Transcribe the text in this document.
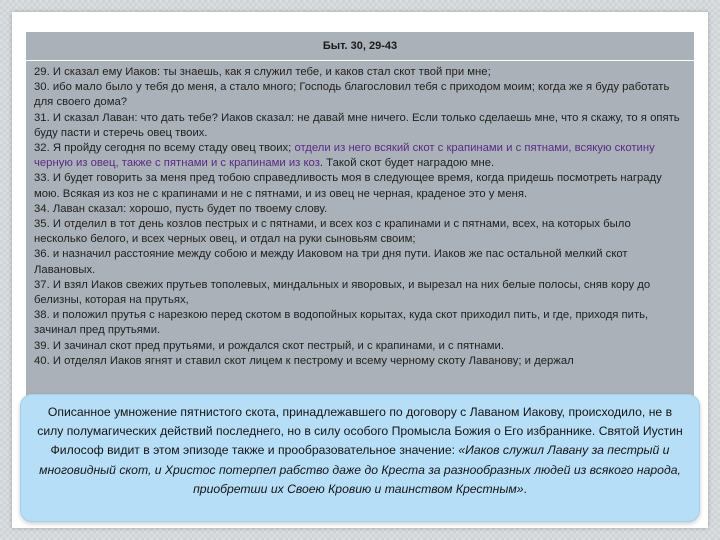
Быт. 30, 29-43

29. И сказал ему Иаков: ты знаешь, как я служил тебе, и каков стал скот твой при мне;

30. ибо мало было у тебя до меня, а стало много; Господь благословил тебя с приходом моим; когда же я буду работать для своего дома?

31. И сказал Лаван: что дать тебе? Иаков сказал: не давай мне ничего. Если только сделаешь мне, что я скажу, то я опять буду пасти и стеречь овец твоих.

32. Я пройду сегодня по всему стаду овец твоих; отдели из него всякий скот с крапинами и с пятнами, всякую скотину черную из овец, также с пятнами и с крапинами из коз. Такой скот будет наградою мне.

33. И будет говорить за меня пред тобою справедливость моя в следующее время, когда придешь посмотреть награду мою. Всякая из коз не с крапинами и не с пятнами, и из овец не черная, краденое это у меня.

34. Лаван сказал: хорошо, пусть будет по твоему слову.

35. И отделил в тот день козлов пестрых и с пятнами, и всех коз с крапинами и с пятнами, всех, на которых было несколько белого, и всех черных овец, и отдал на руки сыновьям своим;

36. и назначил расстояние между собою и между Иаковом на три дня пути. Иаков же пас остальной мелкий скот Лавановых.

37. И взял Иаков свежих прутьев тополевых, миндальных и яворовых, и вырезал на них белые полосы, сняв кору до белизны, которая на прутьях,

38. и положил прутья с нарезкою перед скотом в водопойных корытах, куда скот приходил пить, и где, приходя пить, зачинал пред прутьями.

39. И зачинал скот пред прутьями, и рождался скот пестрый, и с крапинами, и с пятнами.

40. И отделял Иаков ягнят и ставил скот лицем к пестрому и всему черному скоту Лаванову; и держал

Описанное умножение пятнистого скота, принадлежавшего по договору с Лаваном Иакову, происходило, не в силу полумагических действий последнего, но в силу особого Промысла Божия о Его избраннике. Святой Иустин Философ видит в этом эпизоде также и прообразовательное значение: «Иаков служил Лавану за пестрый и многовидный скот, и Христос потерпел рабство даже до Креста за разнообразных людей из всякого народа, приобретши их Своею Кровию и таинством Крестным».
